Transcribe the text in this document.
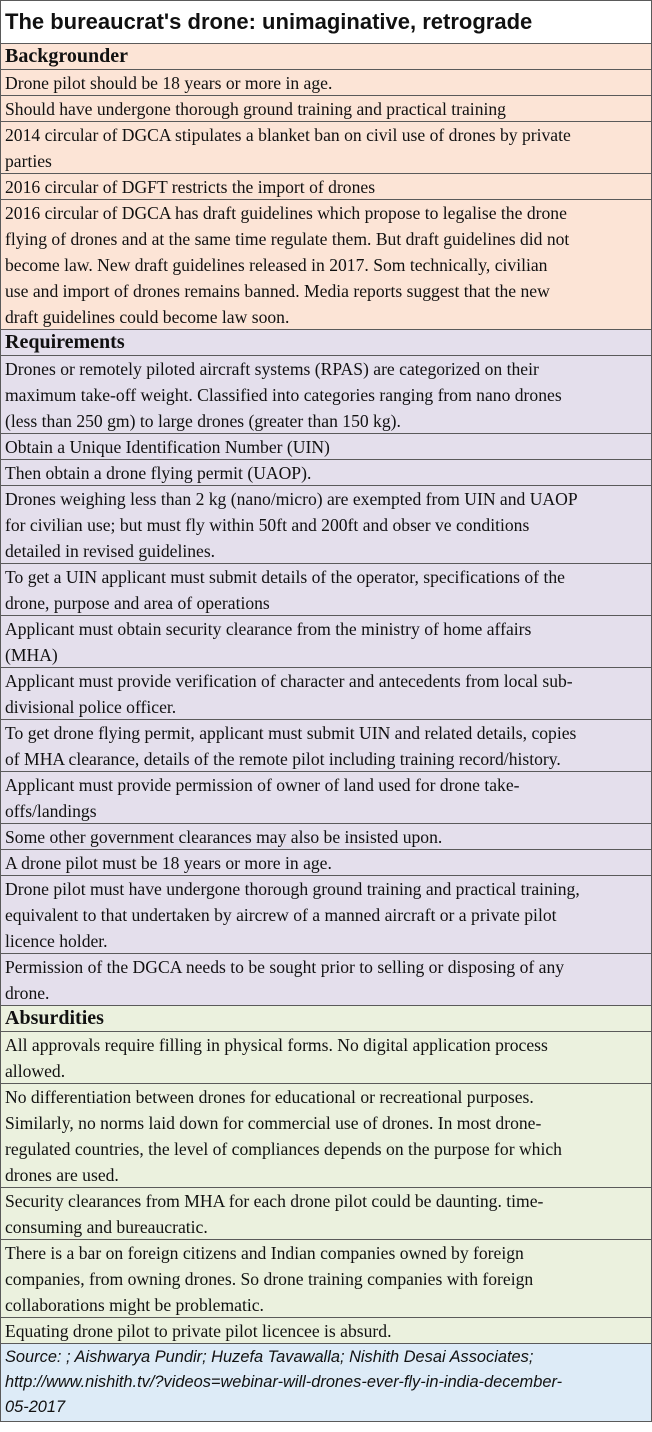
The bureaucrat's drone: unimaginative, retrograde
Backgrounder
Drone pilot should be 18 years or more in age.
Should have undergone thorough ground training and practical training
2014 circular of DGCA stipulates a blanket ban on civil use of drones by private
parties
2016 circular of DGFT restricts the import of drones
2016 circular of DGCA has draft guidelines which propose to legalise the drone
flying of drones and at the same time regulate them. But draft guidelines did not
become law. New draft guidelines released in 2017. Som technically, civilian
use and import of drones remains banned. Media reports suggest that the new
draft guidelines could become law soon.
Requirements
Drones or remotely piloted aircraft systems (RPAS) are categorized on their
maximum take-off weight. Classified into categories ranging from nano drones
(less than 250 gm) to large drones (greater than 150 kg).
Obtain a Unique Identification Number (UIN)
Then obtain a drone flying permit (UAOP).
Drones weighing less than 2 kg (nano/micro) are exempted from UIN and UAOP
for civilian use; but must fly within 50ft and 200ft and obser ve conditions
detailed in revised guidelines.
To get a UIN applicant must submit details of the operator, specifications of the
drone, purpose and area of operations
Applicant must obtain security clearance from the ministry of home affairs
(MHA)
Applicant must provide verification of character and antecedents from local sub-
divisional police officer.
To get drone flying permit, applicant must submit UIN and related details, copies
of MHA clearance, details of the remote pilot including training record/history.
Applicant must provide permission of owner of land used for drone take-
offs/landings
Some other government clearances may also be insisted upon.
A drone pilot must be 18 years or more in age.
Drone pilot must have undergone thorough ground training and practical training,
equivalent to that undertaken by aircrew of a manned aircraft or a private pilot
licence holder.
Permission of the DGCA needs to be sought prior to selling or disposing of any
drone.
Absurdities
All approvals require filling in physical forms. No digital application process
allowed.
No differentiation between drones for educational or recreational purposes.
Similarly, no norms laid down for commercial use of drones. In most drone-
regulated countries, the level of compliances depends on the purpose for which
drones are used.
Security clearances from MHA for each drone pilot could be daunting. time-
consuming and bureaucratic.
There is a bar on foreign citizens and Indian companies owned by foreign
companies, from owning drones. So drone training companies with foreign
collaborations might be problematic.
Equating drone pilot to private pilot licencee is absurd.
Source: ; Aishwarya Pundir; Huzefa Tavawalla; Nishith Desai Associates;
http://www.nishith.tv/?videos=webinar-will-drones-ever-fly-in-india-december-
05-2017
